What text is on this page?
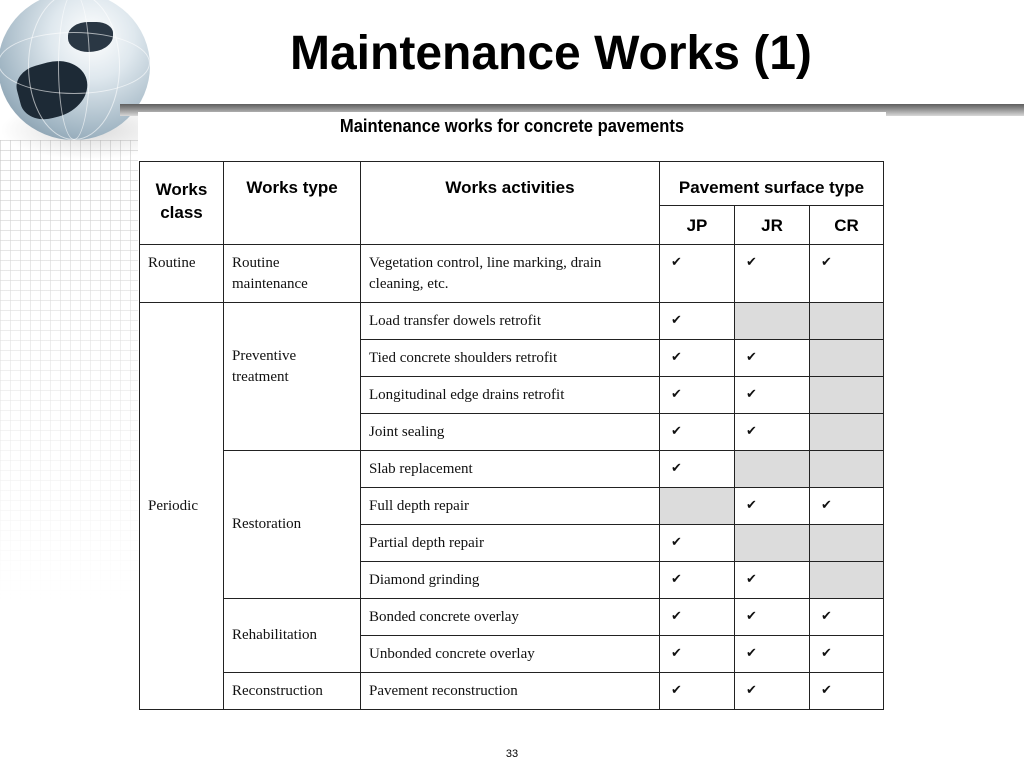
Maintenance Works (1)
Maintenance works for concrete pavements
Works class	Works type	Works activities	Pavement surface type		
			JP	JR	CR
Routine	Routine maintenance	Vegetation control, line marking, drain cleaning, etc.	✔	✔	✔
Periodic	Preventive treatment	Load transfer dowels retrofit	✔		
		Tied concrete shoulders retrofit	✔	✔	
		Longitudinal edge drains retrofit	✔	✔	
		Joint sealing	✔	✔	
	Restoration	Slab replacement	✔		
		Full depth repair		✔	✔
		Partial depth repair	✔		
		Diamond grinding	✔	✔	
	Rehabilitation	Bonded concrete overlay	✔	✔	✔
		Unbonded concrete overlay	✔	✔	✔
	Reconstruction	Pavement reconstruction	✔	✔	✔
33
